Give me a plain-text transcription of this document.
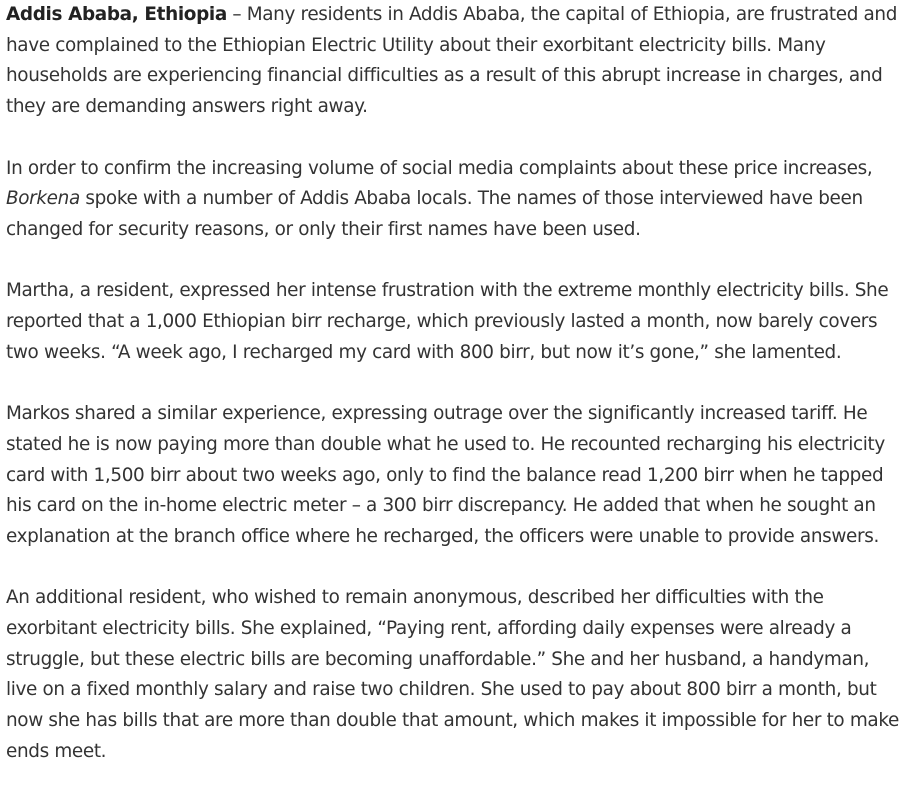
Addis Ababa, Ethiopia – Many residents in Addis Ababa, the capital of Ethiopia, are frustrated and have complained to the Ethiopian Electric Utility about their exorbitant electricity bills. Many households are experiencing financial difficulties as a result of this abrupt increase in charges, and they are demanding answers right away.

In order to confirm the increasing volume of social media complaints about these price increases, Borkena spoke with a number of Addis Ababa locals. The names of those interviewed have been changed for security reasons, or only their first names have been used.

Martha, a resident, expressed her intense frustration with the extreme monthly electricity bills. She reported that a 1,000 Ethiopian birr recharge, which previously lasted a month, now barely covers two weeks. “A week ago, I recharged my card with 800 birr, but now it’s gone,” she lamented.

Markos shared a similar experience, expressing outrage over the significantly increased tariff. He stated he is now paying more than double what he used to. He recounted recharging his electricity card with 1,500 birr about two weeks ago, only to find the balance read 1,200 birr when he tapped his card on the in-home electric meter – a 300 birr discrepancy. He added that when he sought an explanation at the branch office where he recharged, the officers were unable to provide answers.

An additional resident, who wished to remain anonymous, described her difficulties with the exorbitant electricity bills. She explained, “Paying rent, affording daily expenses were already a struggle, but these electric bills are becoming unaffordable.” She and her husband, a handyman, live on a fixed monthly salary and raise two children. She used to pay about 800 birr a month, but now she has bills that are more than double that amount, which makes it impossible for her to make ends meet.
